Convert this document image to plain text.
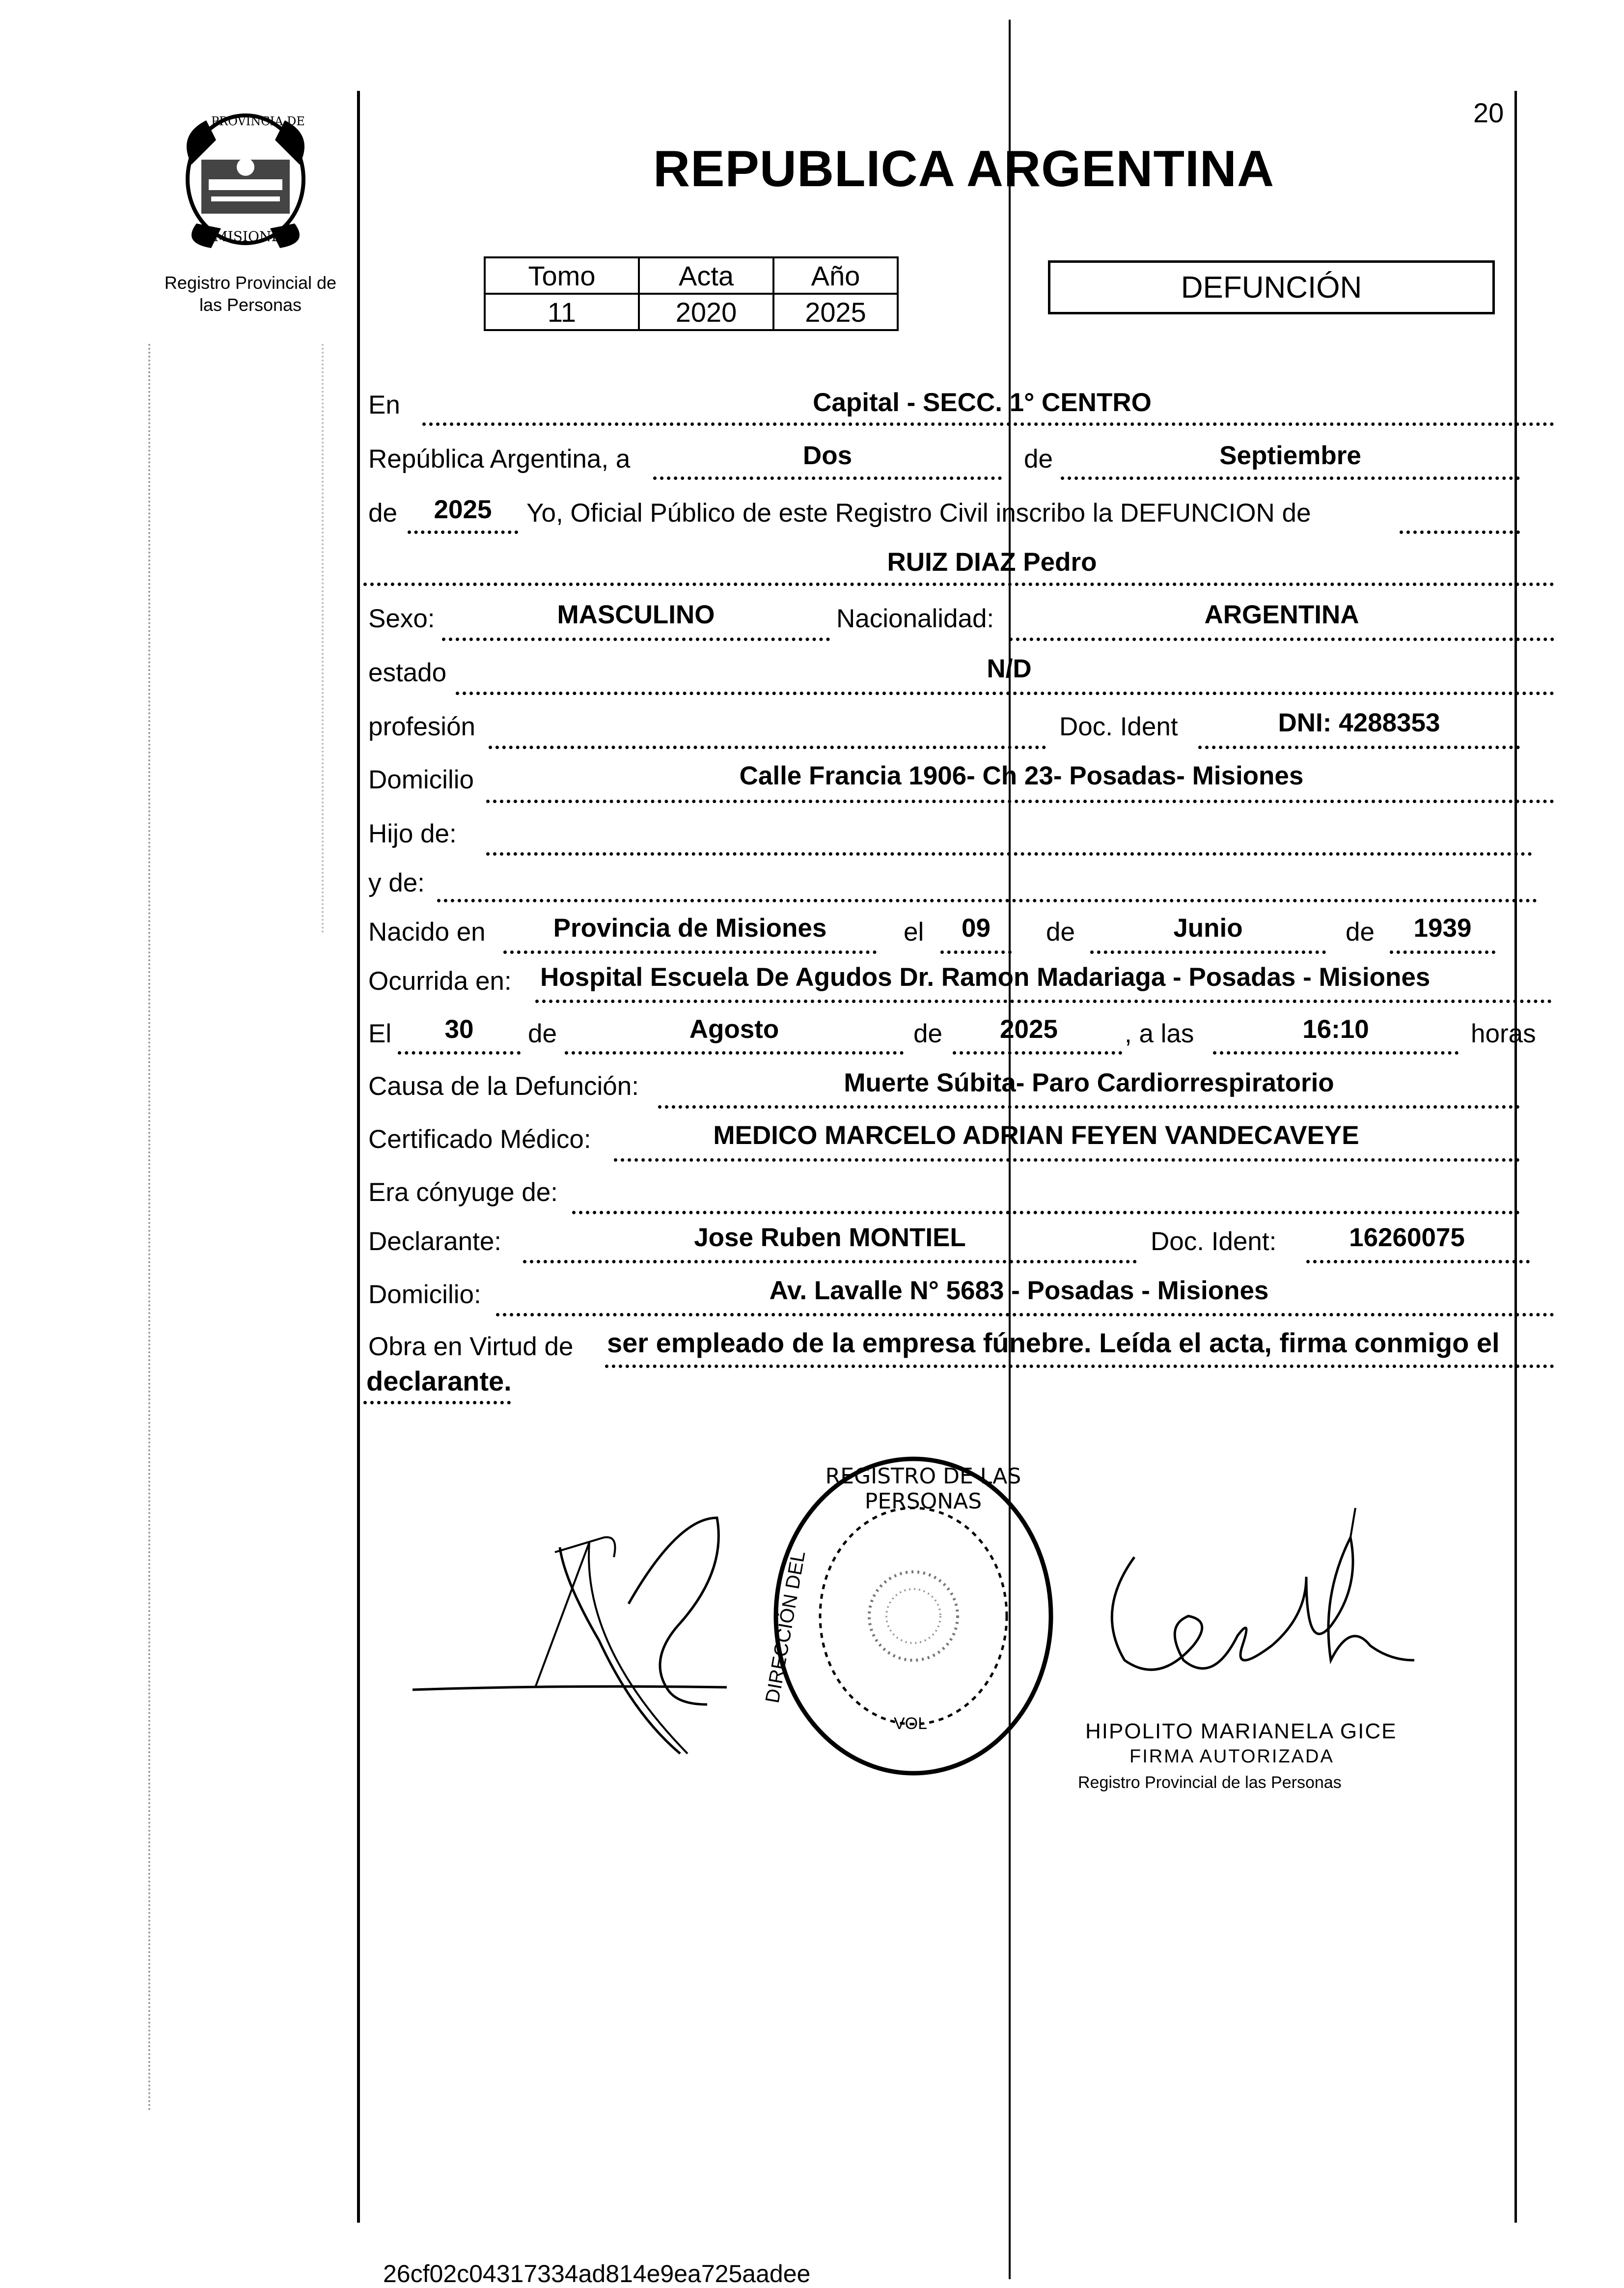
20
PROVINCIA DE
MISIONES
Registro Provincial de
las Personas
REPUBLICA ARGENTINA
Tomo	Acta	Año
11	2020	2025
DEFUNCIÓN
En	Capital - SECC. 1° CENTRO
República Argentina, a	Dos	de	Septiembre
de	2025	Yo, Oficial Público de este Registro Civil inscribo la DEFUNCION de
RUIZ DIAZ Pedro
Sexo:	MASCULINO	Nacionalidad:	ARGENTINA
estado	N/D
profesión	Doc. Ident	DNI: 4288353
Domicilio	Calle Francia 1906- Ch 23- Posadas- Misiones
Hijo de:
y de:
Nacido en	Provincia de Misiones	el	09	de	Junio	de	1939
Ocurrida en: Hospital Escuela De Agudos Dr. Ramon Madariaga - Posadas - Misiones
El	30	de	Agosto	de	2025	, a las	16:10	horas
Causa de la Defunción:	Muerte Súbita- Paro Cardiorrespiratorio
Certificado Médico:	MEDICO MARCELO ADRIAN FEYEN VANDECAVEYE
Era cónyuge de:
Declarante:	Jose Ruben MONTIEL	Doc. Ident:	16260075
Domicilio:	Av. Lavalle N° 5683 - Posadas - Misiones
Obra en Virtud de ser empleado de la empresa fúnebre. Leída el acta, firma conmigo el
declarante.
REGISTRO DE LAS PERSONAS
DIRECCIÓN DEL
VOL	HIPOLITO MARIANELA GICE
FIRMA AUTORIZADA
Registro Provincial de las Personas
26cf02c04317334ad814e9ea725aadee
